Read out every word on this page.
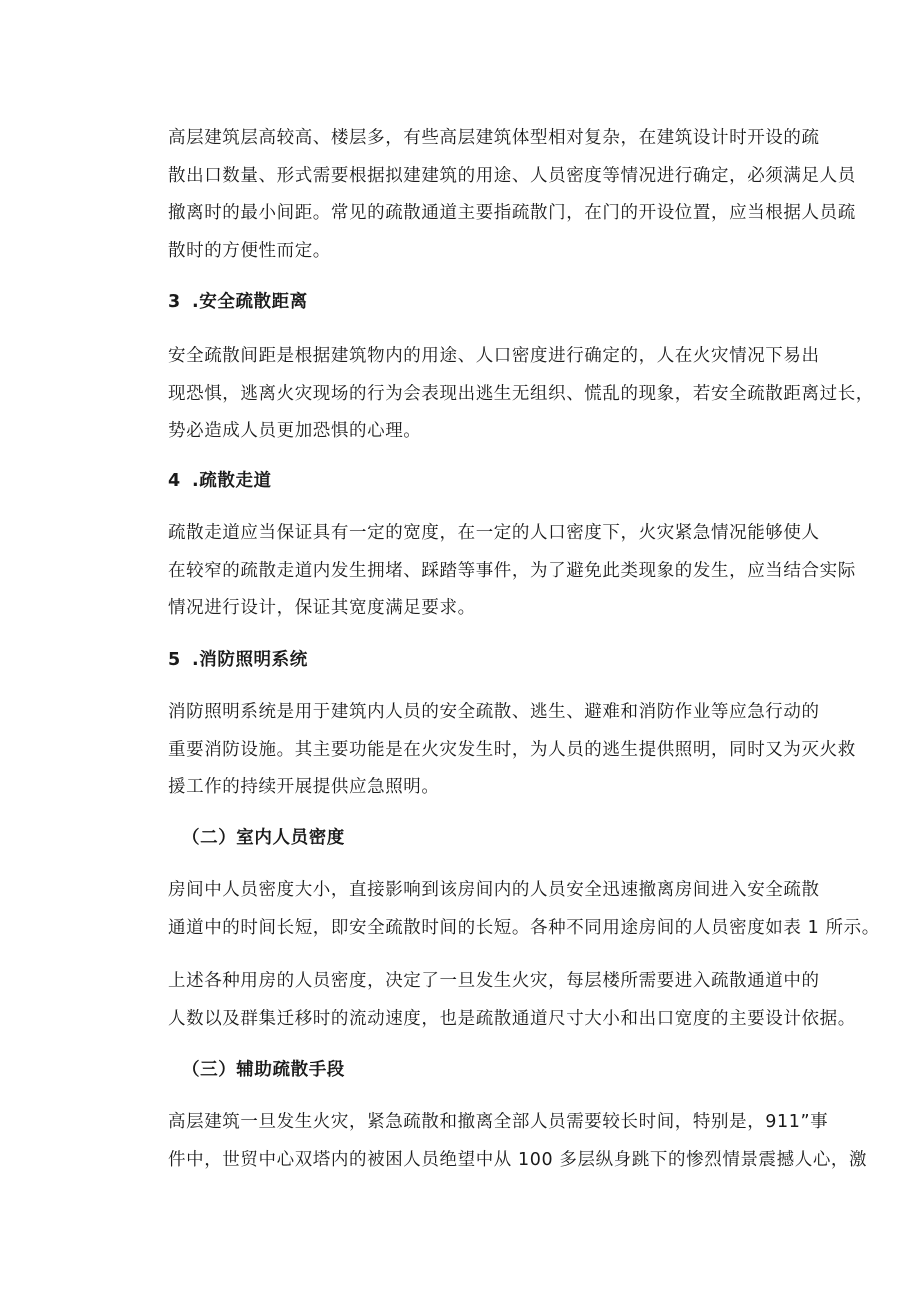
高层建筑层高较高、楼层多，有些高层建筑体型相对复杂，在建筑设计时开设的疏
散出口数量、形式需要根据拟建建筑的用途、人员密度等情况进行确定，必须满足人员
撤离时的最小间距。常见的疏散通道主要指疏散门，在门的开设位置，应当根据人员疏
散时的方便性而定。

3 .安全疏散距离

安全疏散间距是根据建筑物内的用途、人口密度进行确定的，人在火灾情况下易出
现恐惧，逃离火灾现场的行为会表现出逃生无组织、慌乱的现象，若安全疏散距离过长，
势必造成人员更加恐惧的心理。

4 .疏散走道

疏散走道应当保证具有一定的宽度，在一定的人口密度下，火灾紧急情况能够使人
在较窄的疏散走道内发生拥堵、踩踏等事件，为了避免此类现象的发生，应当结合实际
情况进行设计，保证其宽度满足要求。

5 .消防照明系统

消防照明系统是用于建筑内人员的安全疏散、逃生、避难和消防作业等应急行动的
重要消防设施。其主要功能是在火灾发生时，为人员的逃生提供照明，同时又为灭火救
援工作的持续开展提供应急照明。

（二）室内人员密度

房间中人员密度大小，直接影响到该房间内的人员安全迅速撤离房间进入安全疏散
通道中的时间长短，即安全疏散时间的长短。各种不同用途房间的人员密度如表 1 所示。

上述各种用房的人员密度，决定了一旦发生火灾，每层楼所需要进入疏散通道中的
人数以及群集迁移时的流动速度，也是疏散通道尺寸大小和出口宽度的主要设计依据。

（三）辅助疏散手段

高层建筑一旦发生火灾，紧急疏散和撤离全部人员需要较长时间，特别是，911”事
件中，世贸中心双塔内的被困人员绝望中从 100 多层纵身跳下的惨烈情景震撼人心，激
